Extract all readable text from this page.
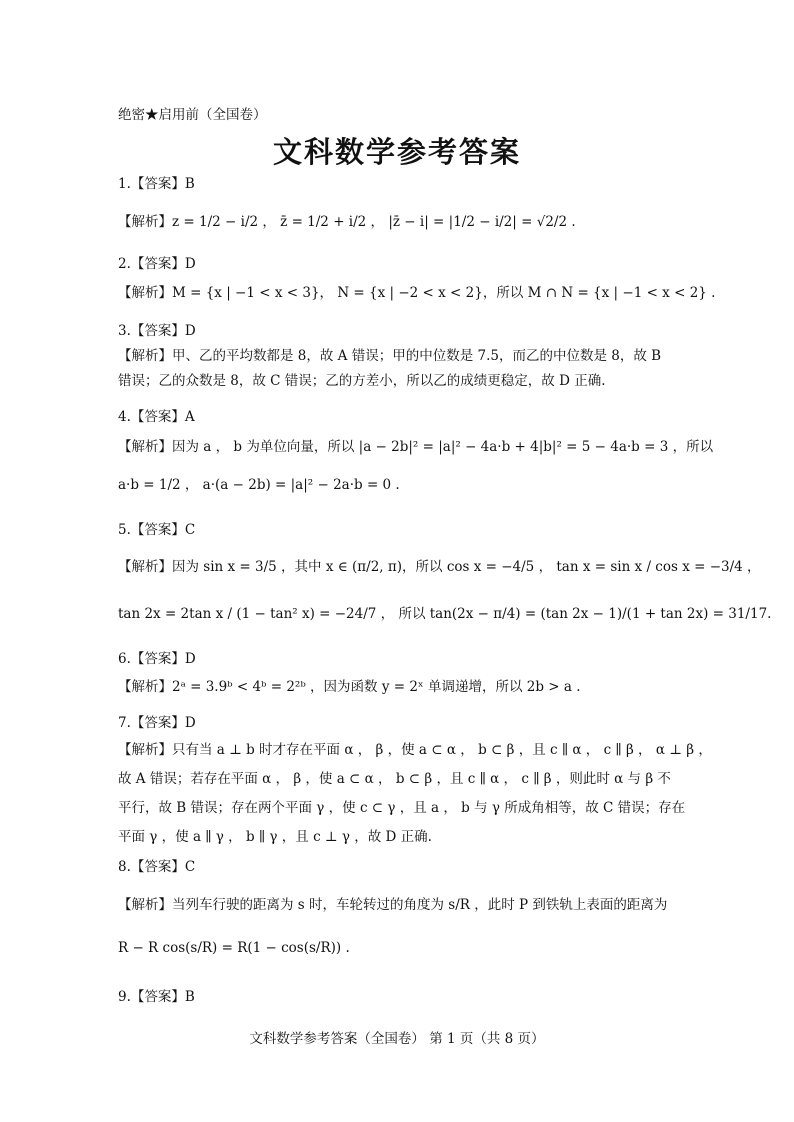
绝密★启用前（全国卷）
文科数学参考答案
1.【答案】B
【解析】z = 1/2 − i/2 ， z̄ = 1/2 + i/2 ， |z̄ − i| = |1/2 − i/2| = √2/2 .
2.【答案】D
【解析】M = {x | −1 < x < 3}， N = {x | −2 < x < 2}，所以 M ∩ N = {x | −1 < x < 2} .
3.【答案】D
【解析】甲、乙的平均数都是 8，故 A 错误；甲的中位数是 7.5，而乙的中位数是 8，故 B
错误；乙的众数是 8，故 C 错误；乙的方差小，所以乙的成绩更稳定，故 D 正确.
4.【答案】A
【解析】因为 a ， b 为单位向量，所以 |a − 2b|² = |a|² − 4a·b + 4|b|² = 5 − 4a·b = 3 ，所以
a·b = 1/2 ， a·(a − 2b) = |a|² − 2a·b = 0 .
5.【答案】C
【解析】因为 sin x = 3/5 ，其中 x ∈ (π/2, π)，所以 cos x = −4/5 ， tan x = sin x / cos x = −3/4 ，
tan 2x = 2tan x / (1 − tan² x) = −24/7 ， 所以 tan(2x − π/4) = (tan 2x − 1)/(1 + tan 2x) = 31/17.
6.【答案】D
【解析】2ᵃ = 3.9ᵇ < 4ᵇ = 2²ᵇ ，因为函数 y = 2ˣ 单调递增，所以 2b > a .
7.【答案】D
【解析】只有当 a ⊥ b 时才存在平面 α ， β ，使 a ⊂ α ， b ⊂ β ，且 c ∥ α ， c ∥ β ， α ⊥ β ，
故 A 错误；若存在平面 α ， β ，使 a ⊂ α ， b ⊂ β ，且 c ∥ α ， c ∥ β ，则此时 α 与 β 不
平行，故 B 错误；存在两个平面 γ ，使 c ⊂ γ ，且 a ， b 与 γ 所成角相等，故 C 错误；存在
平面 γ ，使 a ∥ γ ， b ∥ γ ，且 c ⊥ γ ，故 D 正确.
8.【答案】C
【解析】当列车行驶的距离为 s 时，车轮转过的角度为 s/R ，此时 P 到铁轨上表面的距离为
R − R cos(s/R) = R(1 − cos(s/R)) .
9.【答案】B
文科数学参考答案（全国卷） 第 1 页（共 8 页）
